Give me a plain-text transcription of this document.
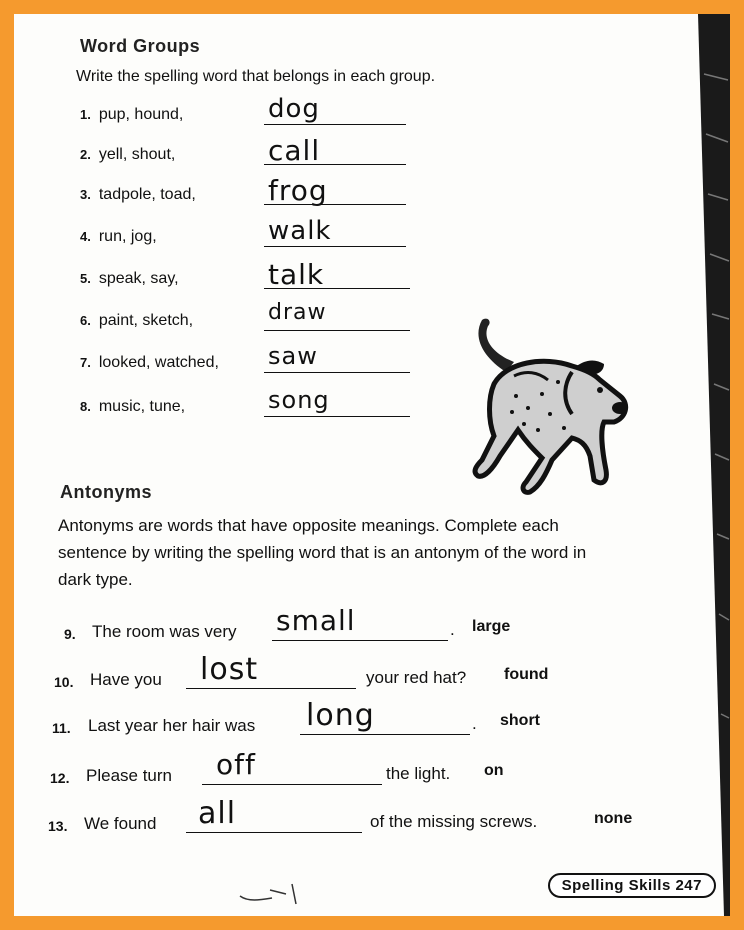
Word Groups
Write the spelling word that belongs in each group.
1. pup, hound,	dog
2. yell, shout,	call
3. tadpole, toad,	frog
4. run, jog,	walk
5. speak, say,	talk
6. paint, sketch,	draw
7. looked, watched, saw
8. music, tune,	song
Antonyms
Antonyms are words that have opposite meanings. Complete each sentence by writing the spelling word that is an antonym of the word in dark type.
9. The room was very small	. large
10. Have you lost	your red hat? found
11.	Last year her hair was long	. short
12. Please turn off	the light. on
13. We found all	of the missing screws.	none
Spelling Skills 247
